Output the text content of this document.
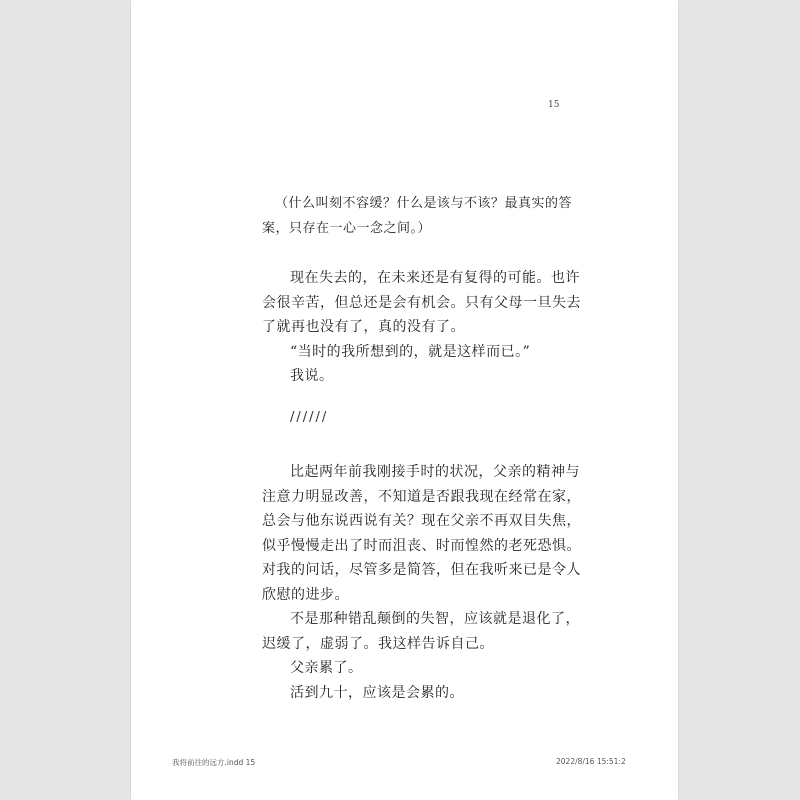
15

（什么叫刻不容缓？什么是该与不该？最真实的答案，只存在一心一念之间。）

现在失去的，在未来还是有复得的可能。也许会很辛苦，但总还是会有机会。只有父母一旦失去了就再也没有了，真的没有了。

“当时的我所想到的，就是这样而已。”

我说。

//////

比起两年前我刚接手时的状况，父亲的精神与注意力明显改善，不知道是否跟我现在经常在家，总会与他东说西说有关？现在父亲不再双目失焦，似乎慢慢走出了时而沮丧、时而惶然的老死恐惧。对我的问话，尽管多是简答，但在我听来已是令人欣慰的进步。

不是那种错乱颠倒的失智，应该就是退化了，迟缓了，虚弱了。我这样告诉自己。

父亲累了。

活到九十，应该是会累的。

我将前往的远方.indd 15	2022/8/16 15:51:2
